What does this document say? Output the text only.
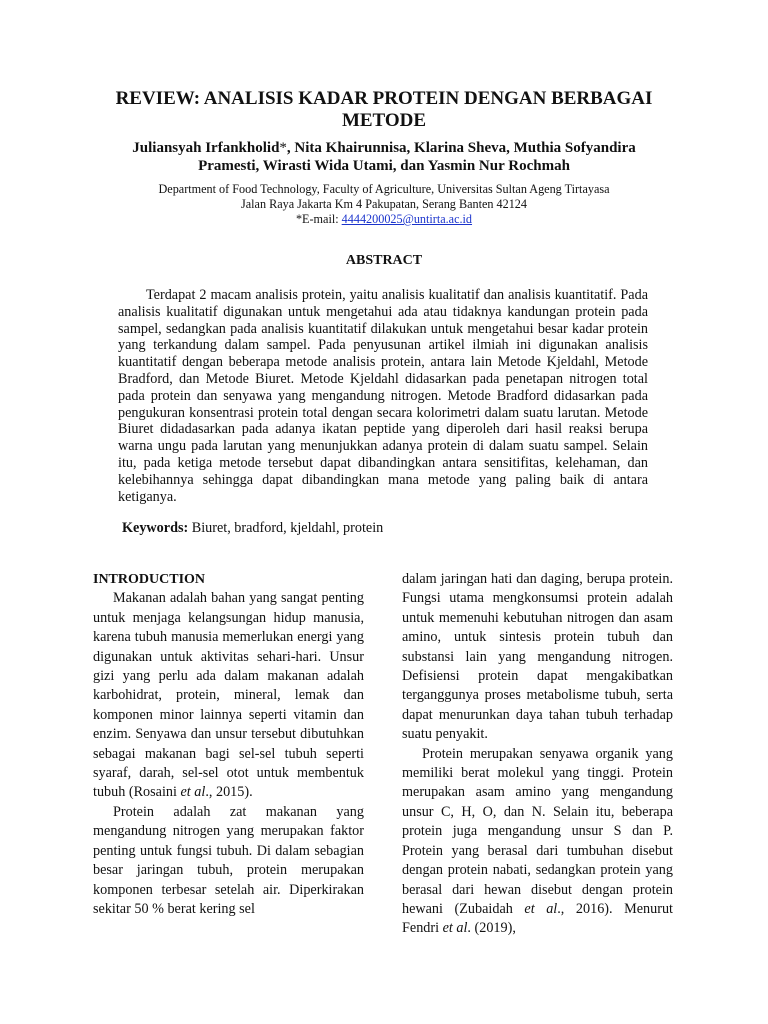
REVIEW: ANALISIS KADAR PROTEIN DENGAN BERBAGAI
METODE
Juliansyah Irfankholid*, Nita Khairunnisa, Klarina Sheva, Muthia Sofyandira
Pramesti, Wirasti Wida Utami, dan Yasmin Nur Rochmah
Department of Food Technology, Faculty of Agriculture, Universitas Sultan Ageng Tirtayasa
Jalan Raya Jakarta Km 4 Pakupatan, Serang Banten 42124
*E-mail: 4444200025@untirta.ac.id
ABSTRACT
Terdapat 2 macam analisis protein, yaitu analisis kualitatif dan analisis kuantitatif. Pada analisis kualitatif digunakan untuk mengetahui ada atau tidaknya kandungan protein pada sampel, sedangkan pada analisis kuantitatif dilakukan untuk mengetahui besar kadar protein yang terkandung dalam sampel. Pada penyusunan artikel ilmiah ini digunakan analisis kuantitatif dengan beberapa metode analisis protein, antara lain Metode Kjeldahl, Metode Bradford, dan Metode Biuret. Metode Kjeldahl didasarkan pada penetapan nitrogen total pada protein dan senyawa yang mengandung nitrogen. Metode Bradford didasarkan pada pengukuran konsentrasi protein total dengan secara kolorimetri dalam suatu larutan. Metode Biuret didadasarkan pada adanya ikatan peptide yang diperoleh dari hasil reaksi berupa warna ungu pada larutan yang menunjukkan adanya protein di dalam suatu sampel. Selain itu, pada ketiga metode tersebut dapat dibandingkan antara sensitifitas, kelehaman, dan kelebihannya sehingga dapat dibandingkan mana metode yang paling baik di antara ketiganya.
Keywords: Biuret, bradford, kjeldahl, protein

INTRODUCTION

Makanan adalah bahan yang sangat penting untuk menjaga kelangsungan hidup manusia, karena tubuh manusia memerlukan energi yang digunakan untuk aktivitas sehari-hari. Unsur gizi yang perlu ada dalam makanan adalah karbohidrat, protein, mineral, lemak dan komponen minor lainnya seperti vitamin dan enzim. Senyawa dan unsur tersebut dibutuhkan sebagai makanan bagi sel-sel tubuh seperti syaraf, darah, sel-sel otot untuk membentuk tubuh (Rosaini et al., 2015).

Protein adalah zat makanan yang mengandung nitrogen yang merupakan faktor penting untuk fungsi tubuh. Di dalam sebagian besar jaringan tubuh, protein merupakan komponen terbesar setelah air. Diperkirakan sekitar 50 % berat kering sel

dalam jaringan hati dan daging, berupa protein. Fungsi utama mengkonsumsi protein adalah untuk memenuhi kebutuhan nitrogen dan asam amino, untuk sintesis protein tubuh dan substansi lain yang mengandung nitrogen. Defisiensi protein dapat mengakibatkan terganggunya proses metabolisme tubuh, serta dapat menurunkan daya tahan tubuh terhadap suatu penyakit.

Protein merupakan senyawa organik yang memiliki berat molekul yang tinggi. Protein merupakan asam amino yang mengandung unsur C, H, O, dan N. Selain itu, beberapa protein juga mengandung unsur S dan P. Protein yang berasal dari tumbuhan disebut dengan protein nabati, sedangkan protein yang berasal dari hewan disebut dengan protein hewani (Zubaidah et al., 2016). Menurut Fendri et al. (2019),
